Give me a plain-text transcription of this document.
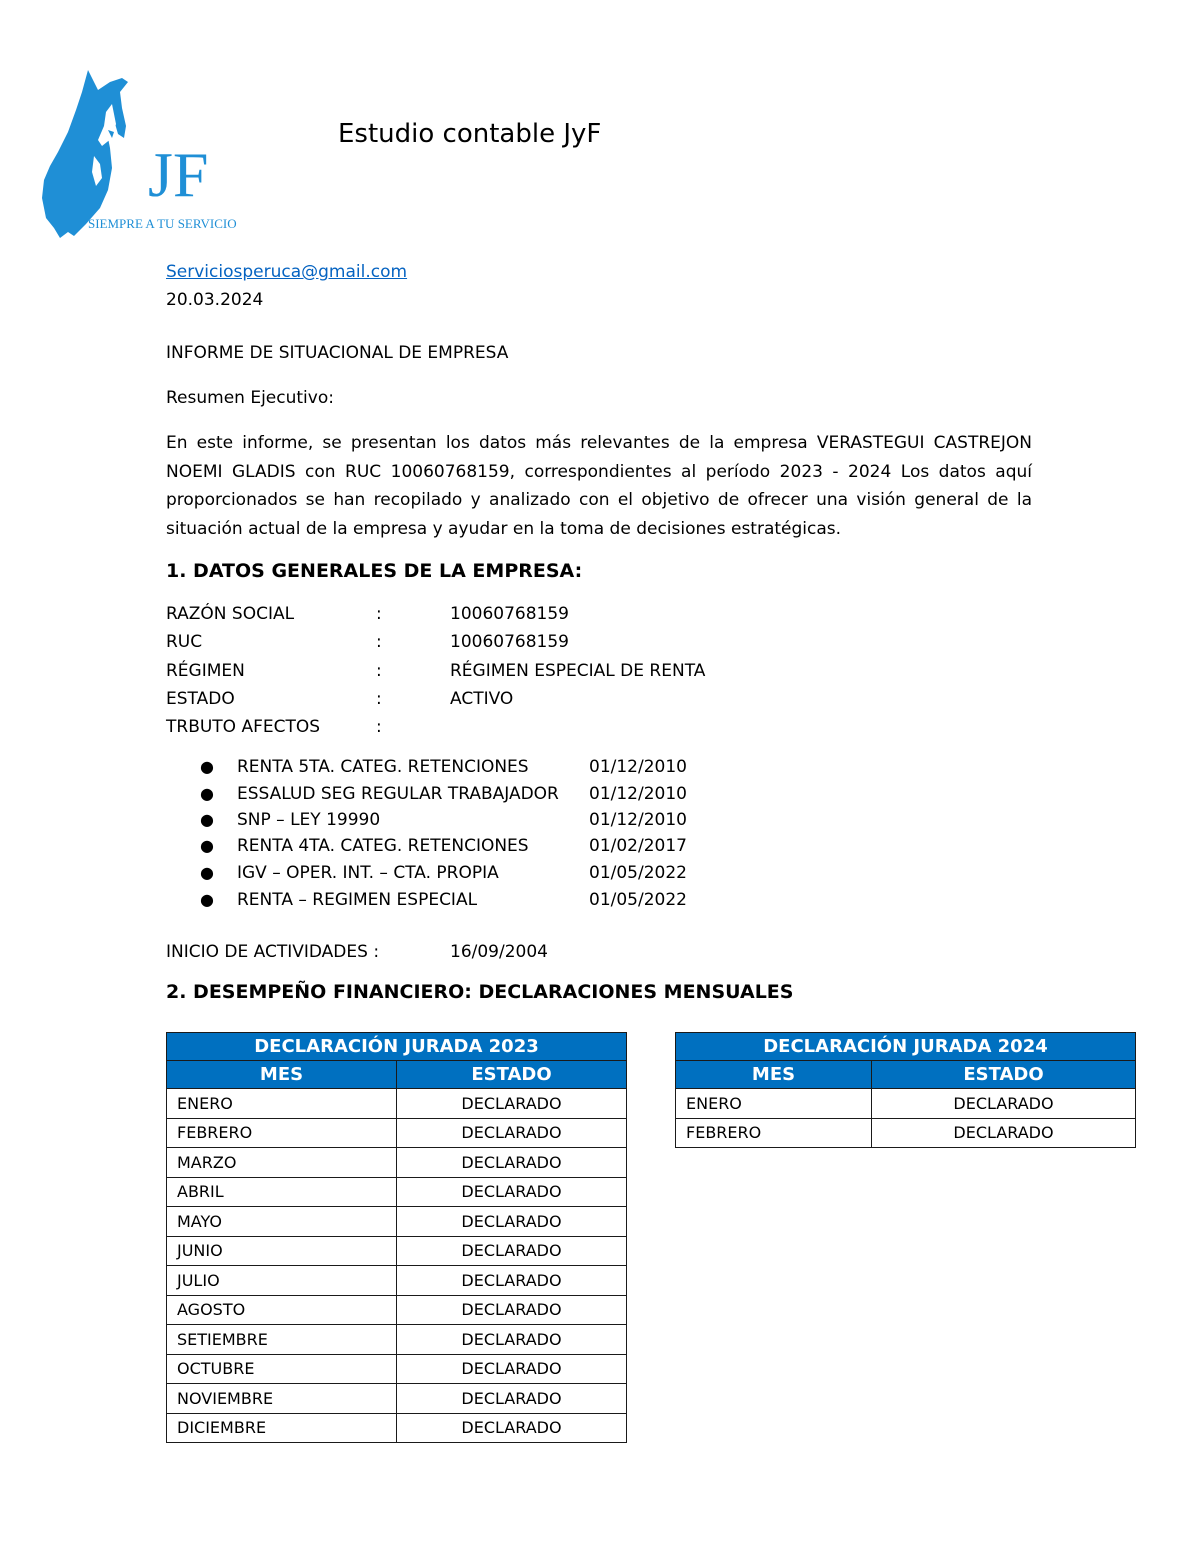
JF
SIEMPRE A TU SERVICIO
Estudio contable JyF
Serviciosperuca@gmail.com
20.03.2024
INFORME DE SITUACIONAL DE EMPRESA
Resumen Ejecutivo:
En este informe, se presentan los datos más relevantes de la empresa VERASTEGUI CASTREJON NOEMI GLADIS con RUC 10060768159, correspondientes al período 2023 - 2024 Los datos aquí proporcionados se han recopilado y analizado con el objetivo de ofrecer una visión general de la situación actual de la empresa y ayudar en la toma de decisiones estratégicas.
1. DATOS GENERALES DE LA EMPRESA:
RAZÓN SOCIAL	:	10060768159
RUC	:	10060768159
RÉGIMEN	:	RÉGIMEN ESPECIAL DE RENTA
ESTADO	:	ACTIVO
TRBUTO AFECTOS	:
● RENTA 5TA. CATEG. RETENCIONES	01/12/2010
● ESSALUD SEG REGULAR TRABAJADOR 01/12/2010
● SNP – LEY 19990	01/12/2010
● RENTA 4TA. CATEG. RETENCIONES	01/02/2017
● IGV – OPER. INT. – CTA. PROPIA	01/05/2022
● RENTA – REGIMEN ESPECIAL	01/05/2022
INICIO DE ACTIVIDADES :	16/09/2004
2. DESEMPEÑO FINANCIERO: DECLARACIONES MENSUALES
DECLARACIÓN JURADA 2023	
MES	ESTADO
ENERO	DECLARADO
FEBRERO	DECLARADO
MARZO	DECLARADO
ABRIL	DECLARADO
MAYO	DECLARADO
JUNIO	DECLARADO
JULIO	DECLARADO
AGOSTO	DECLARADO
SETIEMBRE	DECLARADO
OCTUBRE	DECLARADO
NOVIEMBRE	DECLARADO
DICIEMBRE	DECLARADO
DECLARACIÓN JURADA 2024	
MES	ESTADO
ENERO	DECLARADO
FEBRERO	DECLARADO
